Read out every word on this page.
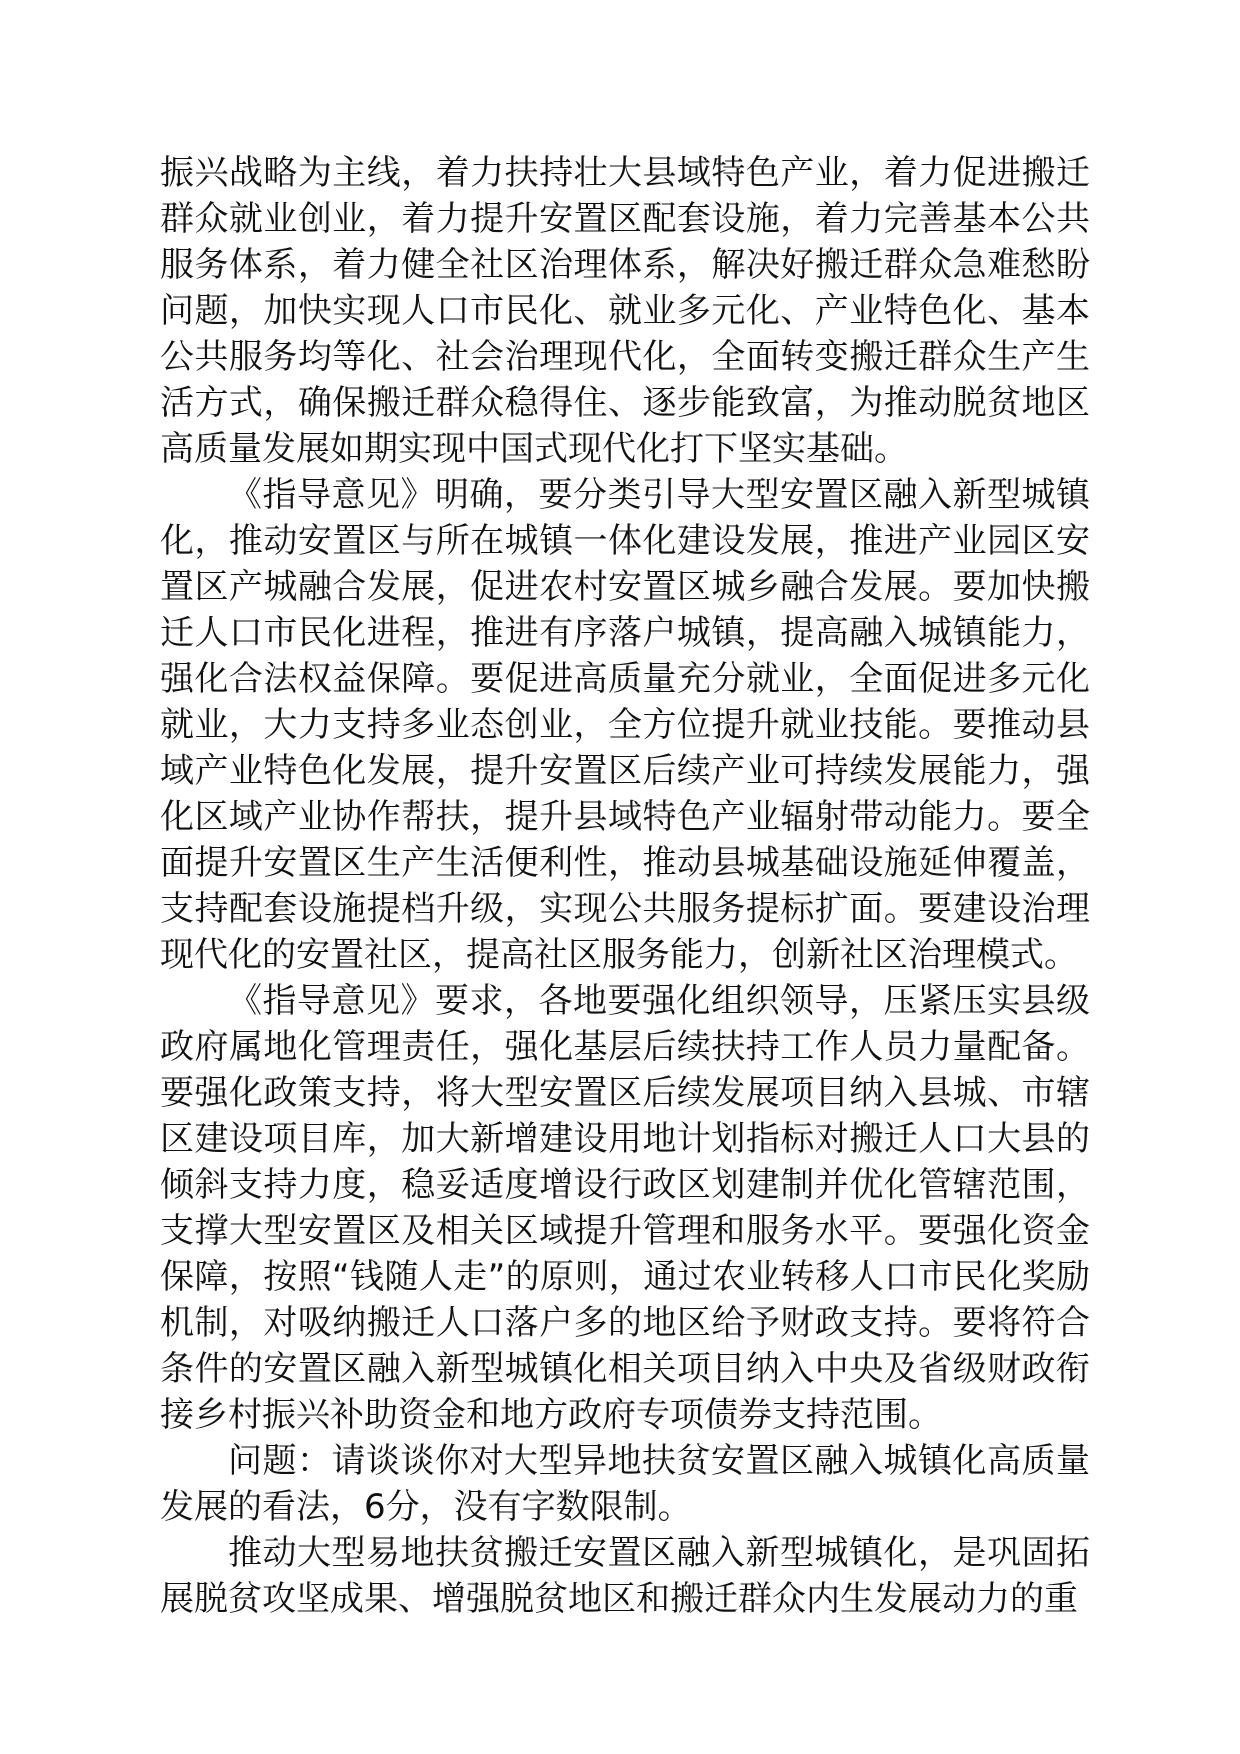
振兴战略为主线，着力扶持壮大县域特色产业，着力促进搬迁群众就业创业，着力提升安置区配套设施，着力完善基本公共服务体系，着力健全社区治理体系，解决好搬迁群众急难愁盼问题，加快实现人口市民化、就业多元化、产业特色化、基本公共服务均等化、社会治理现代化，全面转变搬迁群众生产生活方式，确保搬迁群众稳得住、逐步能致富，为推动脱贫地区高质量发展如期实现中国式现代化打下坚实基础。

《指导意见》明确，要分类引导大型安置区融入新型城镇化，推动安置区与所在城镇一体化建设发展，推进产业园区安置区产城融合发展，促进农村安置区城乡融合发展。要加快搬迁人口市民化进程，推进有序落户城镇，提高融入城镇能力，强化合法权益保障。要促进高质量充分就业，全面促进多元化就业，大力支持多业态创业，全方位提升就业技能。要推动县域产业特色化发展，提升安置区后续产业可持续发展能力，强化区域产业协作帮扶，提升县域特色产业辐射带动能力。要全面提升安置区生产生活便利性，推动县城基础设施延伸覆盖，支持配套设施提档升级，实现公共服务提标扩面。要建设治理现代化的安置社区，提高社区服务能力，创新社区治理模式。

《指导意见》要求，各地要强化组织领导，压紧压实县级政府属地化管理责任，强化基层后续扶持工作人员力量配备。要强化政策支持，将大型安置区后续发展项目纳入县城、市辖区建设项目库，加大新增建设用地计划指标对搬迁人口大县的倾斜支持力度，稳妥适度增设行政区划建制并优化管辖范围，支撑大型安置区及相关区域提升管理和服务水平。要强化资金保障，按照“钱随人走”的原则，通过农业转移人口市民化奖励机制，对吸纳搬迁人口落户多的地区给予财政支持。要将符合条件的安置区融入新型城镇化相关项目纳入中央及省级财政衔接乡村振兴补助资金和地方政府专项债券支持范围。

问题：请谈谈你对大型异地扶贫安置区融入城镇化高质量发展的看法，6分，没有字数限制。

推动大型易地扶贫搬迁安置区融入新型城镇化，是巩固拓展脱贫攻坚成果、增强脱贫地区和搬迁群众内生发展动力的重
